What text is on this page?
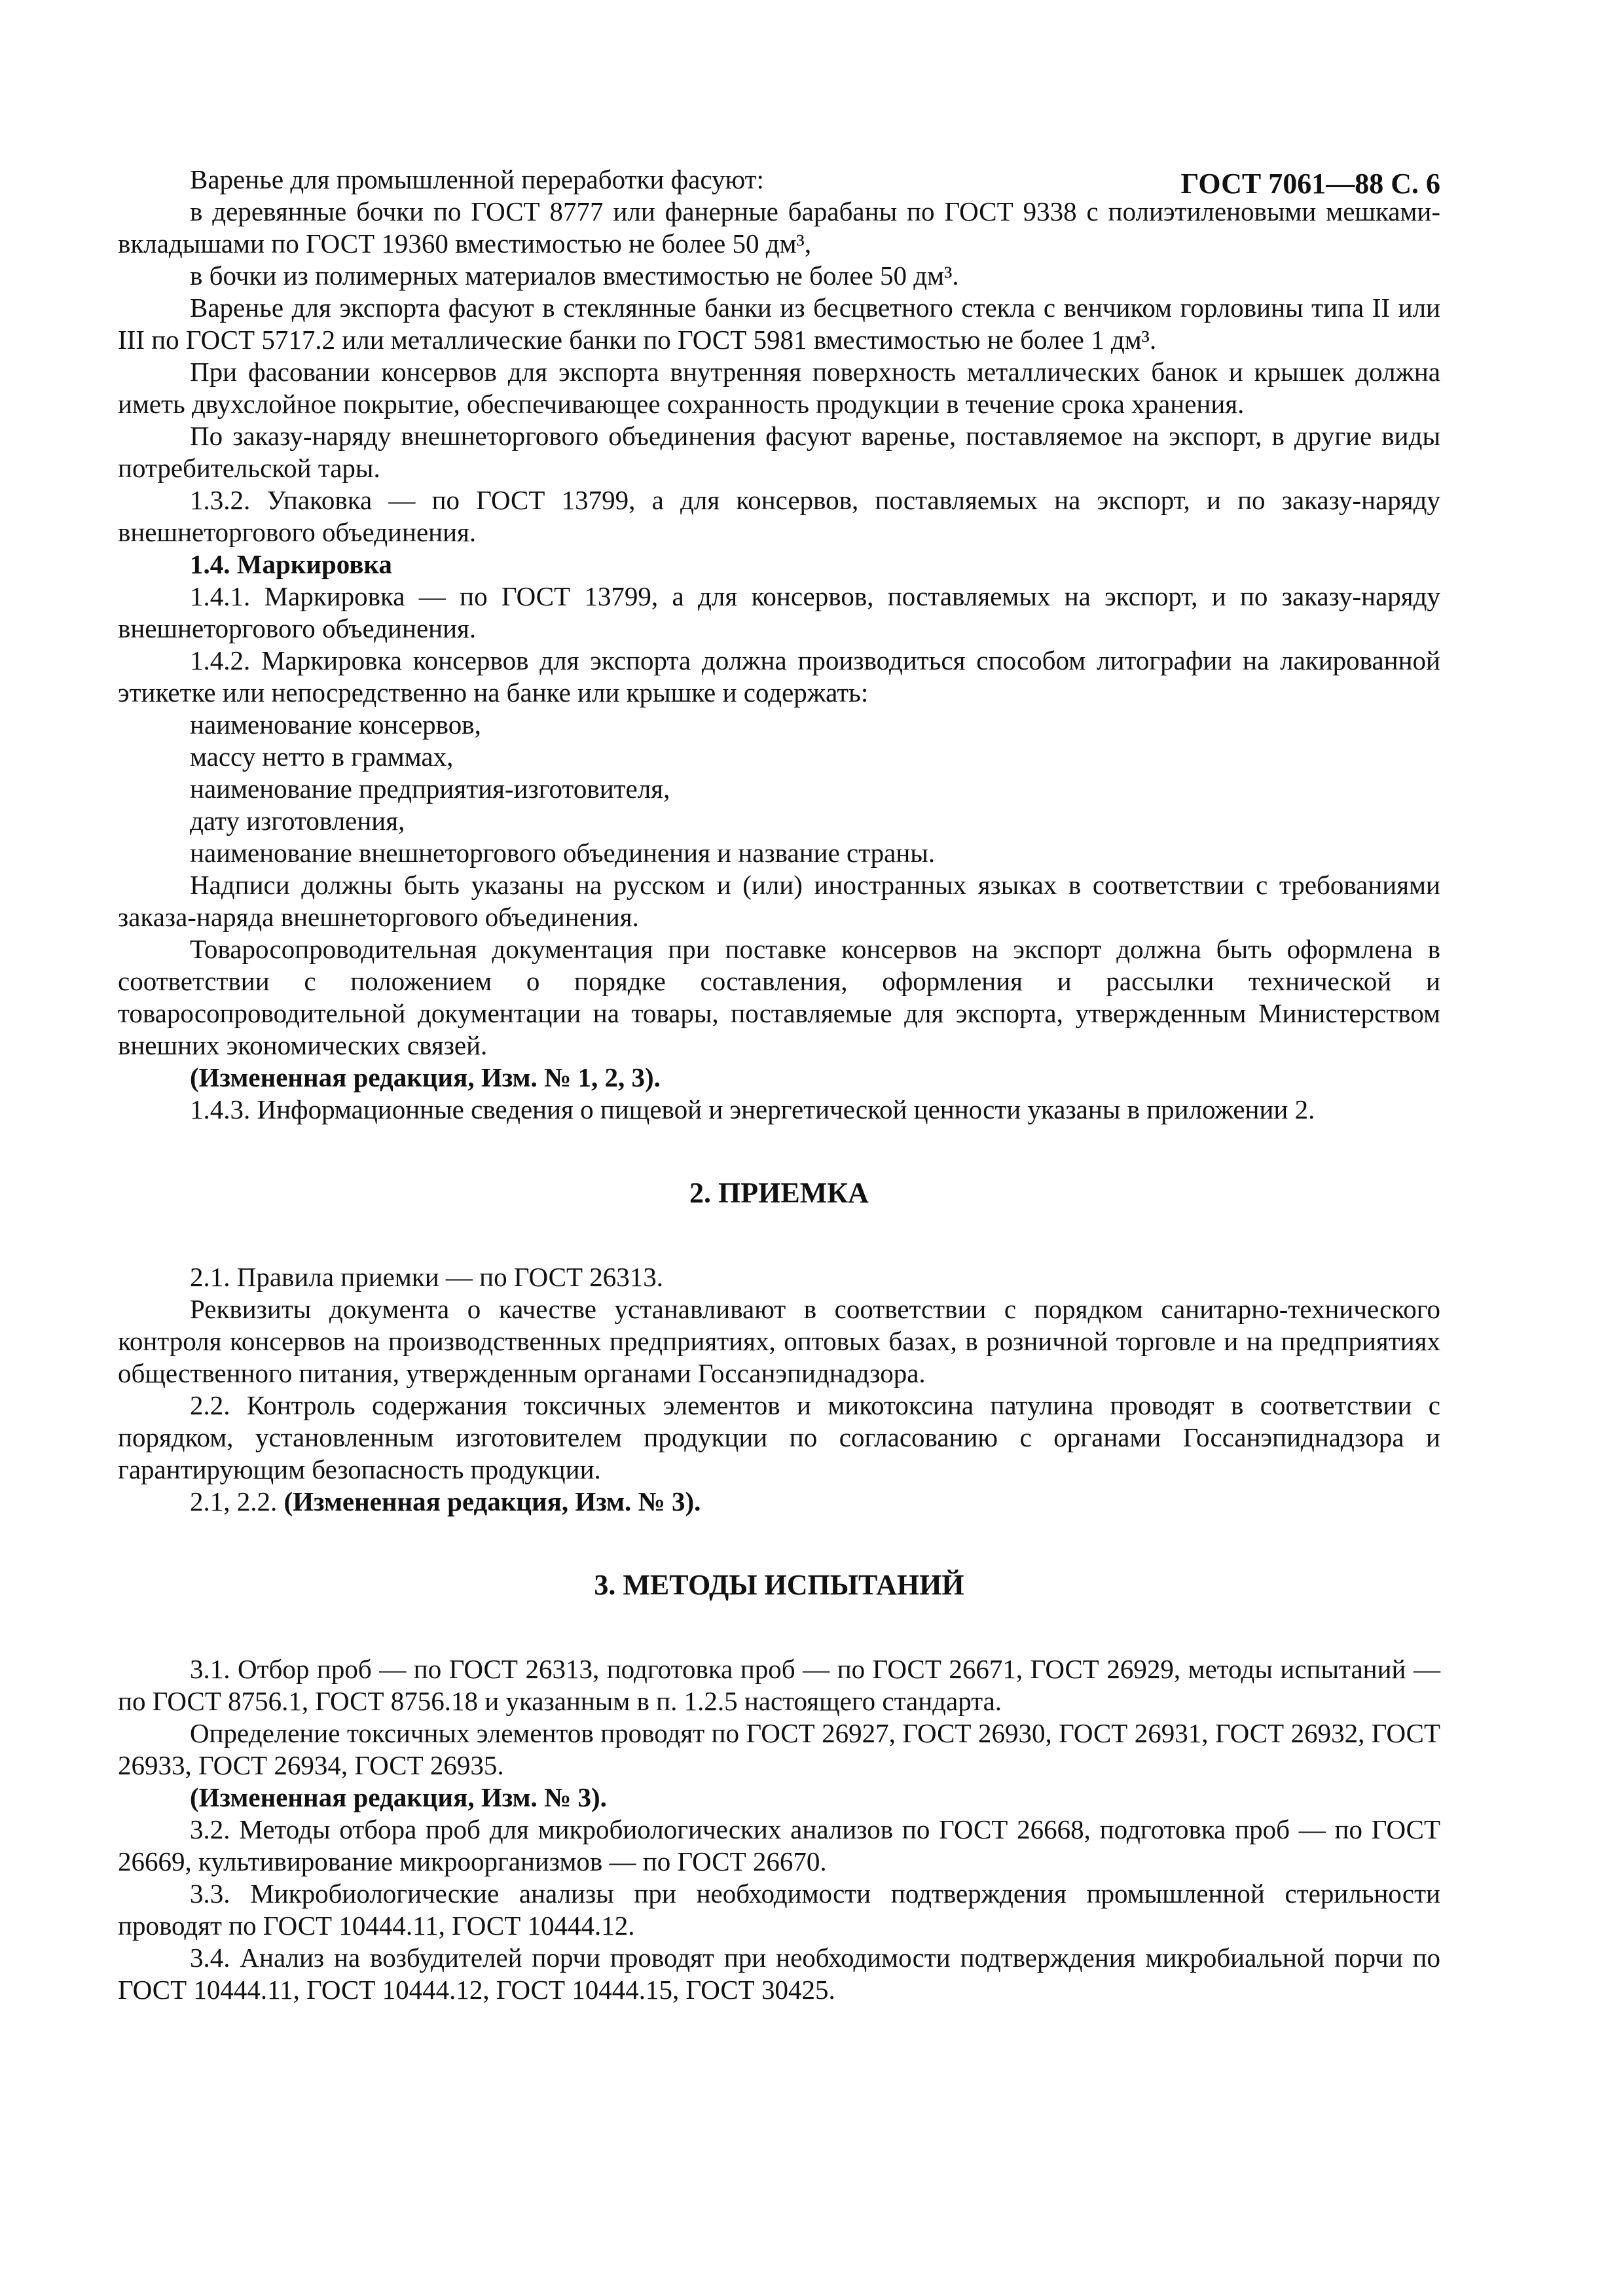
ГОСТ 7061—88 С. 6

Варенье для промышленной переработки фасуют:

в деревянные бочки по ГОСТ 8777 или фанерные барабаны по ГОСТ 9338 с полиэтиленовыми мешками-вкладышами по ГОСТ 19360 вместимостью не более 50 дм³,

в бочки из полимерных материалов вместимостью не более 50 дм³.

Варенье для экспорта фасуют в стеклянные банки из бесцветного стекла с венчиком горловины типа II или III по ГОСТ 5717.2 или металлические банки по ГОСТ 5981 вместимостью не более 1 дм³.

При фасовании консервов для экспорта внутренняя поверхность металлических банок и крышек должна иметь двухслойное покрытие, обеспечивающее сохранность продукции в течение срока хранения.

По заказу-наряду внешнеторгового объединения фасуют варенье, поставляемое на экспорт, в другие виды потребительской тары.

1.3.2. Упаковка — по ГОСТ 13799, а для консервов, поставляемых на экспорт, и по заказу-наряду внешнеторгового объединения.

1.4. Маркировка

1.4.1. Маркировка — по ГОСТ 13799, а для консервов, поставляемых на экспорт, и по заказу-наряду внешнеторгового объединения.

1.4.2. Маркировка консервов для экспорта должна производиться способом литографии на лакированной этикетке или непосредственно на банке или крышке и содержать:

наименование консервов,

массу нетто в граммах,

наименование предприятия-изготовителя,

дату изготовления,

наименование внешнеторгового объединения и название страны.

Надписи должны быть указаны на русском и (или) иностранных языках в соответствии с требованиями заказа-наряда внешнеторгового объединения.

Товаросопроводительная документация при поставке консервов на экспорт должна быть оформлена в соответствии с положением о порядке составления, оформления и рассылки технической и товаросопроводительной документации на товары, поставляемые для экспорта, утвержденным Министерством внешних экономических связей.

(Измененная редакция, Изм. № 1, 2, 3).

1.4.3. Информационные сведения о пищевой и энергетической ценности указаны в приложении 2.

2. ПРИЕМКА

2.1. Правила приемки — по ГОСТ 26313.

Реквизиты документа о качестве устанавливают в соответствии с порядком санитарно-технического контроля консервов на производственных предприятиях, оптовых базах, в розничной торговле и на предприятиях общественного питания, утвержденным органами Госсанэпиднадзора.

2.2. Контроль содержания токсичных элементов и микотоксина патулина проводят в соответствии с порядком, установленным изготовителем продукции по согласованию с органами Госсанэпиднадзора и гарантирующим безопасность продукции.

2.1, 2.2. (Измененная редакция, Изм. № 3).

3. МЕТОДЫ ИСПЫТАНИЙ

3.1. Отбор проб — по ГОСТ 26313, подготовка проб — по ГОСТ 26671, ГОСТ 26929, методы испытаний — по ГОСТ 8756.1, ГОСТ 8756.18 и указанным в п. 1.2.5 настоящего стандарта.

Определение токсичных элементов проводят по ГОСТ 26927, ГОСТ 26930, ГОСТ 26931, ГОСТ 26932, ГОСТ 26933, ГОСТ 26934, ГОСТ 26935.

(Измененная редакция, Изм. № 3).

3.2. Методы отбора проб для микробиологических анализов по ГОСТ 26668, подготовка проб — по ГОСТ 26669, культивирование микроорганизмов — по ГОСТ 26670.

3.3. Микробиологические анализы при необходимости подтверждения промышленной стерильности проводят по ГОСТ 10444.11, ГОСТ 10444.12.

3.4. Анализ на возбудителей порчи проводят при необходимости подтверждения микробиальной порчи по ГОСТ 10444.11, ГОСТ 10444.12, ГОСТ 10444.15, ГОСТ 30425.
